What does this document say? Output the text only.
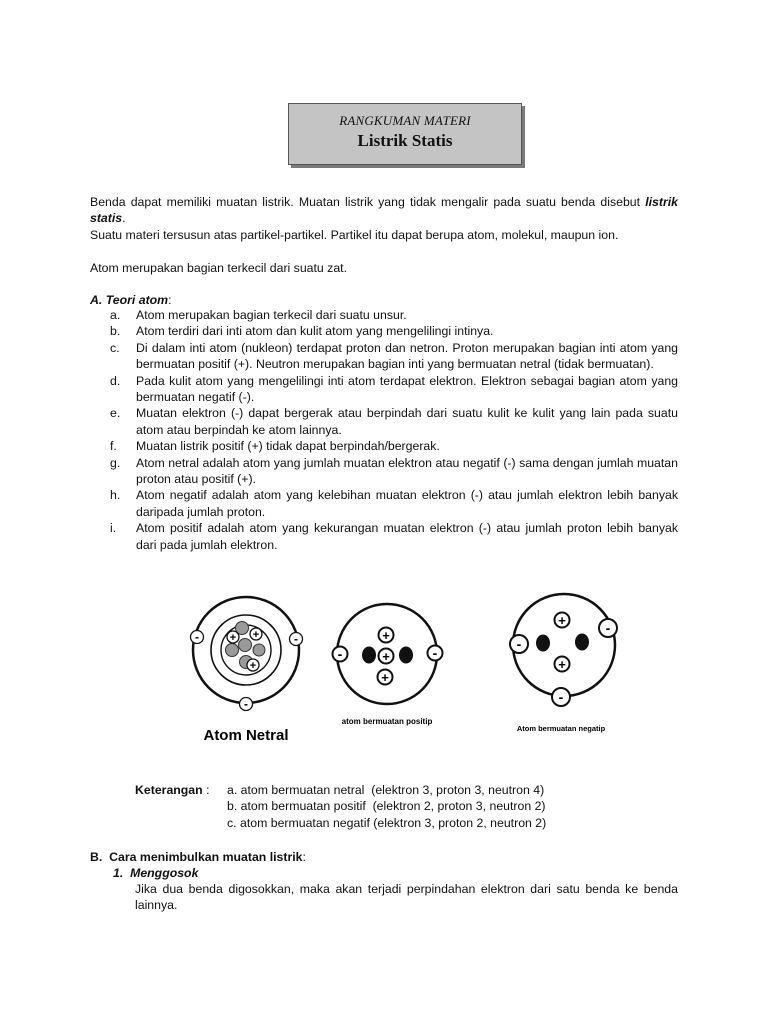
RANGKUMAN MATERI
Listrik Statis
Benda dapat memiliki muatan listrik. Muatan listrik yang tidak mengalir pada suatu benda disebut listrik statis.
Suatu materi tersusun atas partikel-partikel. Partikel itu dapat berupa atom, molekul, maupun ion.
Atom merupakan bagian terkecil dari suatu zat.
A. Teori atom:
a. Atom merupakan bagian terkecil dari suatu unsur.
b. Atom terdiri dari inti atom dan kulit atom yang mengelilingi intinya.
c. Di dalam inti atom (nukleon) terdapat proton dan netron. Proton merupakan bagian inti atom yang bermuatan positif (+). Neutron merupakan bagian inti yang bermuatan netral (tidak bermuatan).
d. Pada kulit atom yang mengelilingi inti atom terdapat elektron. Elektron sebagai bagian atom yang bermuatan negatif (-).
e. Muatan elektron (-) dapat bergerak atau berpindah dari suatu kulit ke kulit yang lain pada suatu atom atau berpindah ke atom lainnya.
f. Muatan listrik positif (+) tidak dapat berpindah/bergerak.
g. Atom netral adalah atom yang jumlah muatan elektron atau negatif (-) sama dengan jumlah muatan proton atau positif (+).
h. Atom negatif adalah atom yang kelebihan muatan elektron (-) atau jumlah elektron lebih banyak daripada jumlah proton.
i. Atom positif adalah atom yang kekurangan muatan elektron (-) atau jumlah proton lebih banyak dari pada jumlah elektron.
+ +
+
-	-
-
-	-
+
+
+
-
-
-
+
+
Atom Netral
atom bermuatan positip
Atom bermuatan negatip
Keterangan :	a. atom bermuatan netral  (elektron 3, proton 3, neutron 4)
b. atom bermuatan positif  (elektron 2, proton 3, neutron 2)
c. atom bermuatan negatif (elektron 3, proton 2, neutron 2)
B.  Cara menimbulkan muatan listrik:
1.  Menggosok
Jika dua benda digosokkan, maka akan terjadi perpindahan elektron dari satu benda ke benda lainnya.
